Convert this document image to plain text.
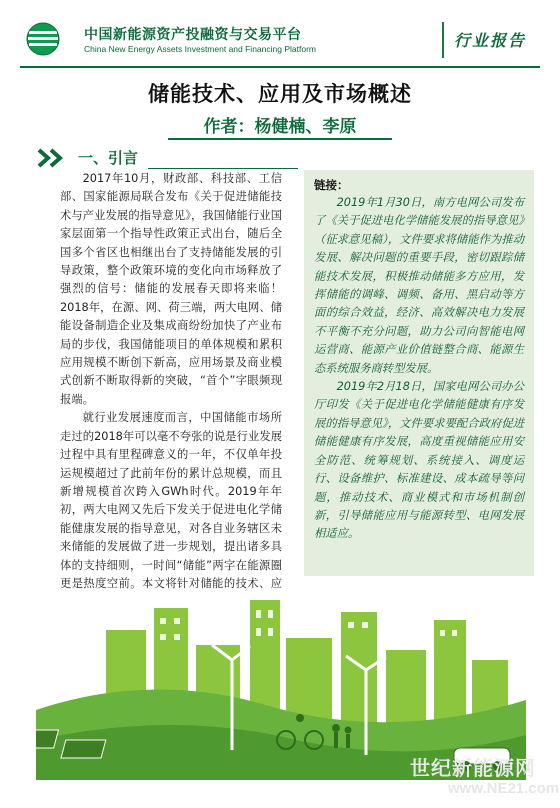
中国新能源资产投融资与交易平台
China New Energy Assets Investment and Financing Platform	行业报告
储能技术、应用及市场概述
作者：杨健楠、李原
一、引言

2017年10月，财政部、科技部、工信部、国家能源局联合发布《关于促进储能技术与产业发展的指导意见》，我国储能行业国家层面第一个指导性政策正式出台，随后全国多个省区也相继出台了支持储能发展的引导政策，整个政策环境的变化向市场释放了强烈的信号：储能的发展春天即将来临！2018年，在源、网、荷三端，两大电网、储能设备制造企业及集成商纷纷加快了产业布局的步伐，我国储能项目的单体规模和累积应用规模不断创下新高，应用场景及商业模式创新不断取得新的突破，“首个”字眼频现报端。

就行业发展速度而言，中国储能市场所走过的2018年可以毫不夸张的说是行业发展过程中具有里程碑意义的一年，不仅单年投运规模超过了此前年份的累计总规模，而且新增规模首次跨入GWh时代。2019年年初，两大电网又先后下发关于促进电化学储能健康发展的指导意见，对各自业务辖区未来储能的发展做了进一步规划，提出诸多具体的支持细则，一时间“储能”两字在能源圈更是热度空前。本文将针对储能的技术、应

链接：

2019年1月30日，南方电网公司发布了《关于促进电化学储能发展的指导意见》（征求意见稿），文件要求将储能作为推动发展、解决问题的重要手段，密切跟踪储能技术发展，积极推动储能多方应用，发挥储能的调峰、调频、备用、黑启动等方面的综合效益，经济、高效解决电力发展不平衡不充分问题，助力公司向智能电网运营商、能源产业价值链整合商、能源生态系统服务商转型发展。

2019年2月18日，国家电网公司办公厅印发《关于促进电化学储能健康有序发展的指导意见》，文件要求要配合政府促进储能健康有序发展，高度重视储能应用安全防范、统筹规划、系统接入、调度运行、设备维护、标准建设、成本疏导等问题，推动技术、商业模式和市场机制创新，引导储能应用与能源转型、电网发展相适应。

世纪新能源网
www.NE21.com
